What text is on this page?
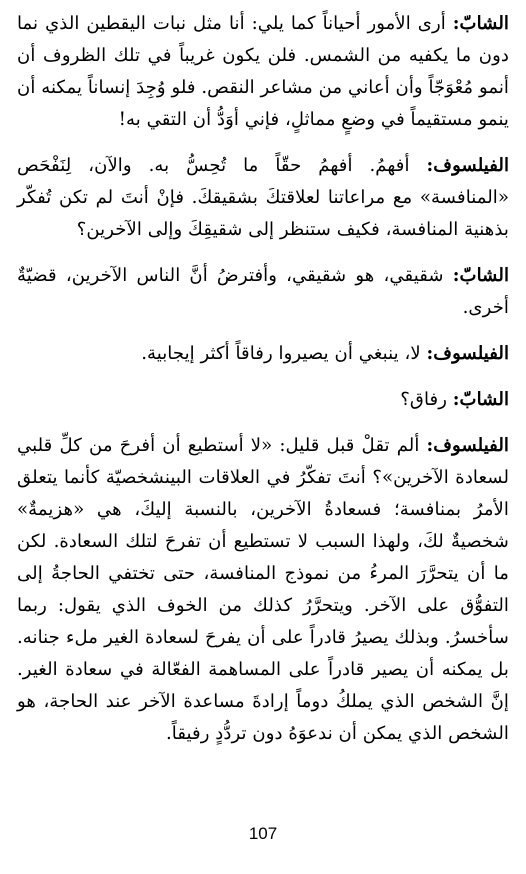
الشابّ: أرى الأمور أحياناً كما يلي: أنا مثل نبات اليقطين الذي نما دون ما يكفيه من الشمس. فلن يكون غريباً في تلك الظروف أن أنمو مُعْوَجّاً وأن أعاني من مشاعر النقص. فلو وُجِدَ إنساناً يمكنه أن ينمو مستقيماً في وضعٍ مماثلٍ، فإني أوَدُّ أن التقي به!

الفيلسوف: أفهمُ. أفهمُ حقّاً ما تُحِسُّ به. والآن، لِنَفْحَص «المنافسة» مع مراعاتنا لعلاقتكَ بشقيقكَ. فإنْ أنتَ لم تكن تُفكّر بذهنية المنافسة، فكيف ستنظر إلى شقيقِكَ وإلى الآخرين؟

الشابّ: شقيقي، هو شقيقي، وأفترضُ أنَّ الناس الآخرين، قضيّةٌ أخرى.

الفيلسوف: لا، ينبغي أن يصيروا رفاقاً أكثر إيجابية.

الشابّ: رفاق؟

الفيلسوف: ألم تقلْ قبل قليل: «لا أستطيع أن أفرحَ من كلِّ قلبي لسعادة الآخرين»؟ أنتَ تفكّرُ في العلاقات البينشخصيّة كأنما يتعلق الأمرُ بمنافسة؛ فسعادةُ الآخرين، بالنسبة إليكَ، هي «هزيمةٌ» شخصيةٌ لكَ، ولهذا السبب لا تستطيع أن تفرحَ لتلك السعادة. لكن ما أن يتحرَّرَ المرءُ من نموذج المنافسة، حتى تختفي الحاجةُ إلى التفوُّق على الآخر. ويتحرَّرُ كذلك من الخوف الذي يقول: ربما سأخسرُ. وبذلك يصيرُ قادراً على أن يفرحَ لسعادة الغير ملء جنانه. بل يمكنه أن يصير قادراً على المساهمة الفعّالة في سعادة الغير. إنَّ الشخص الذي يملكُ دوماً إرادةَ مساعدة الآخر عند الحاجة، هو الشخص الذي يمكن أن ندعوَهُ دون تردُّدٍ رفيقاً.

107
